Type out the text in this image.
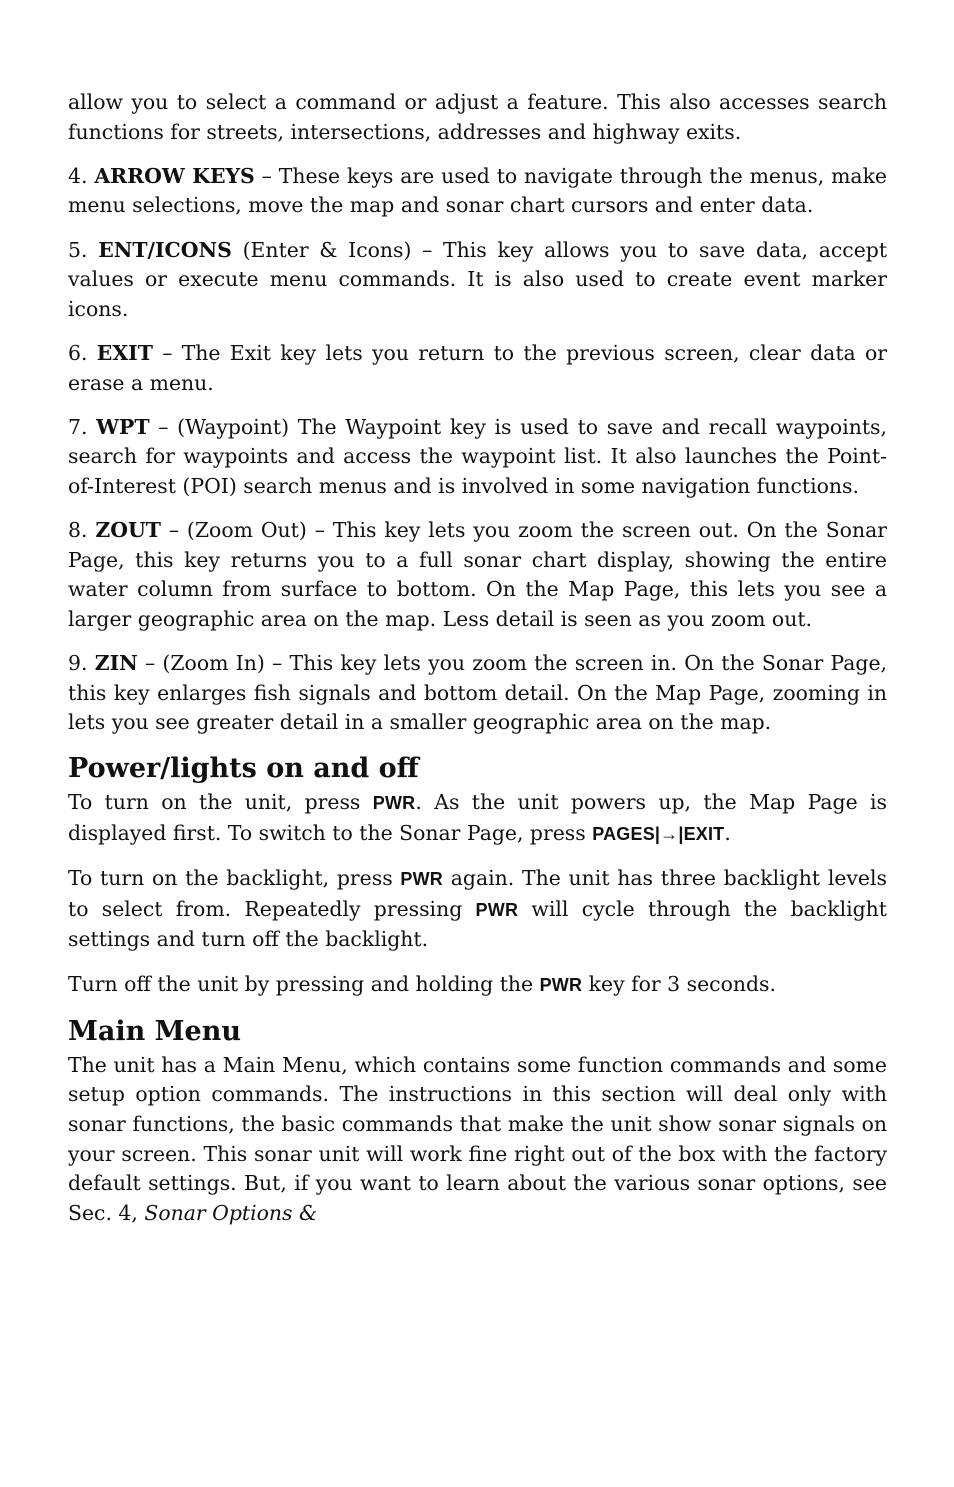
allow you to select a command or adjust a feature. This also accesses search functions for streets, intersections, addresses and highway exits.

4. ARROW KEYS – These keys are used to navigate through the menus, make menu selections, move the map and sonar chart cursors and enter data.

5. ENT/ICONS (Enter & Icons) – This key allows you to save data, accept values or execute menu commands. It is also used to create event marker icons.

6. EXIT – The Exit key lets you return to the previous screen, clear data or erase a menu.

7. WPT – (Waypoint) The Waypoint key is used to save and recall waypoints, search for waypoints and access the waypoint list. It also launches the Point-of-Interest (POI) search menus and is involved in some navigation functions.

8. ZOUT – (Zoom Out) – This key lets you zoom the screen out. On the Sonar Page, this key returns you to a full sonar chart display, showing the entire water column from surface to bottom. On the Map Page, this lets you see a larger geographic area on the map. Less detail is seen as you zoom out.

9. ZIN – (Zoom In) – This key lets you zoom the screen in. On the Sonar Page, this key enlarges fish signals and bottom detail. On the Map Page, zooming in lets you see greater detail in a smaller geographic area on the map.

Power/lights on and off

To turn on the unit, press PWR. As the unit powers up, the Map Page is displayed first. To switch to the Sonar Page, press PAGES|→|EXIT.

To turn on the backlight, press PWR again. The unit has three backlight levels to select from. Repeatedly pressing PWR will cycle through the backlight settings and turn off the backlight.

Turn off the unit by pressing and holding the PWR key for 3 seconds.

Main Menu

The unit has a Main Menu, which contains some function commands and some setup option commands. The instructions in this section will deal only with sonar functions, the basic commands that make the unit show sonar signals on your screen. This sonar unit will work fine right out of the box with the factory default settings. But, if you want to learn about the various sonar options, see Sec. 4, Sonar Options &
